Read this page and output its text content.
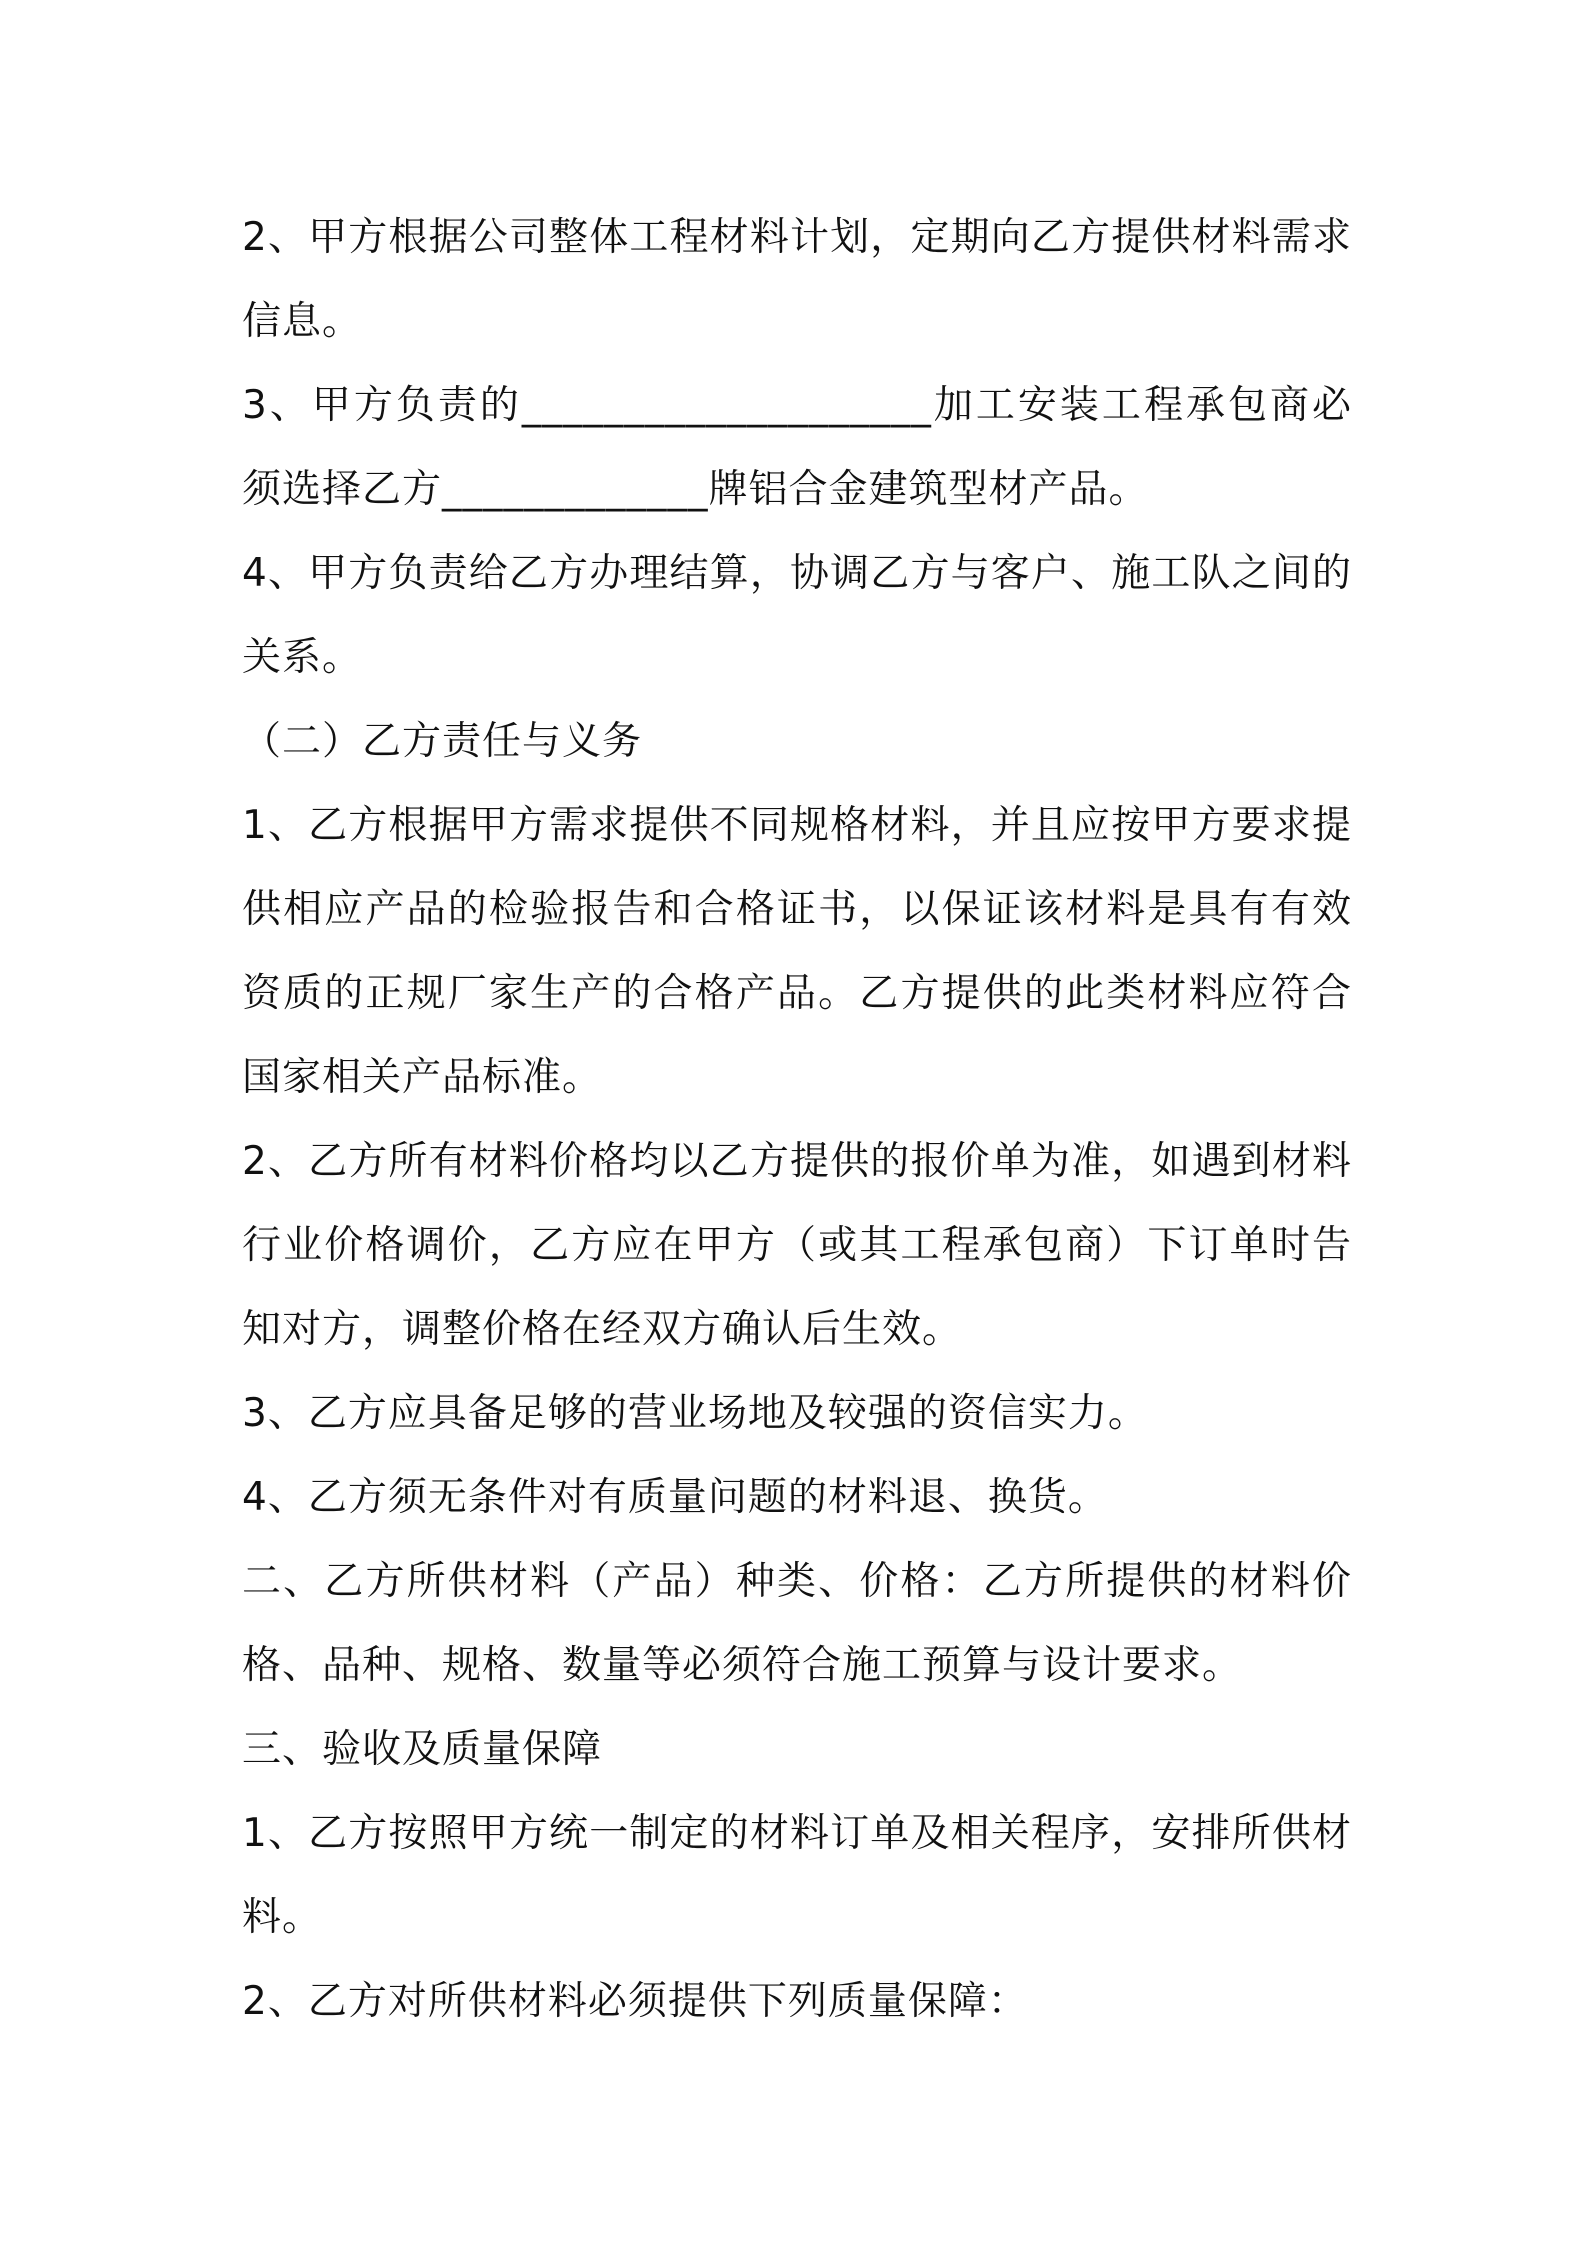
2、甲方根据公司整体工程材料计划，定期向乙方提供材料需求信息。

3、甲方负责的____________________加工安装工程承包商必须选择乙方_____________牌铝合金建筑型材产品。

4、甲方负责给乙方办理结算，协调乙方与客户、施工队之间的关系。

（二）乙方责任与义务

1、乙方根据甲方需求提供不同规格材料，并且应按甲方要求提供相应产品的检验报告和合格证书，以保证该材料是具有有效资质的正规厂家生产的合格产品。乙方提供的此类材料应符合国家相关产品标准。

2、乙方所有材料价格均以乙方提供的报价单为准，如遇到材料行业价格调价，乙方应在甲方（或其工程承包商）下订单时告知对方，调整价格在经双方确认后生效。

3、乙方应具备足够的营业场地及较强的资信实力。

4、乙方须无条件对有质量问题的材料退、换货。

二、乙方所供材料（产品）种类、价格：乙方所提供的材料价格、品种、规格、数量等必须符合施工预算与设计要求。

三、验收及质量保障

1、乙方按照甲方统一制定的材料订单及相关程序，安排所供材料。

2、乙方对所供材料必须提供下列质量保障：
